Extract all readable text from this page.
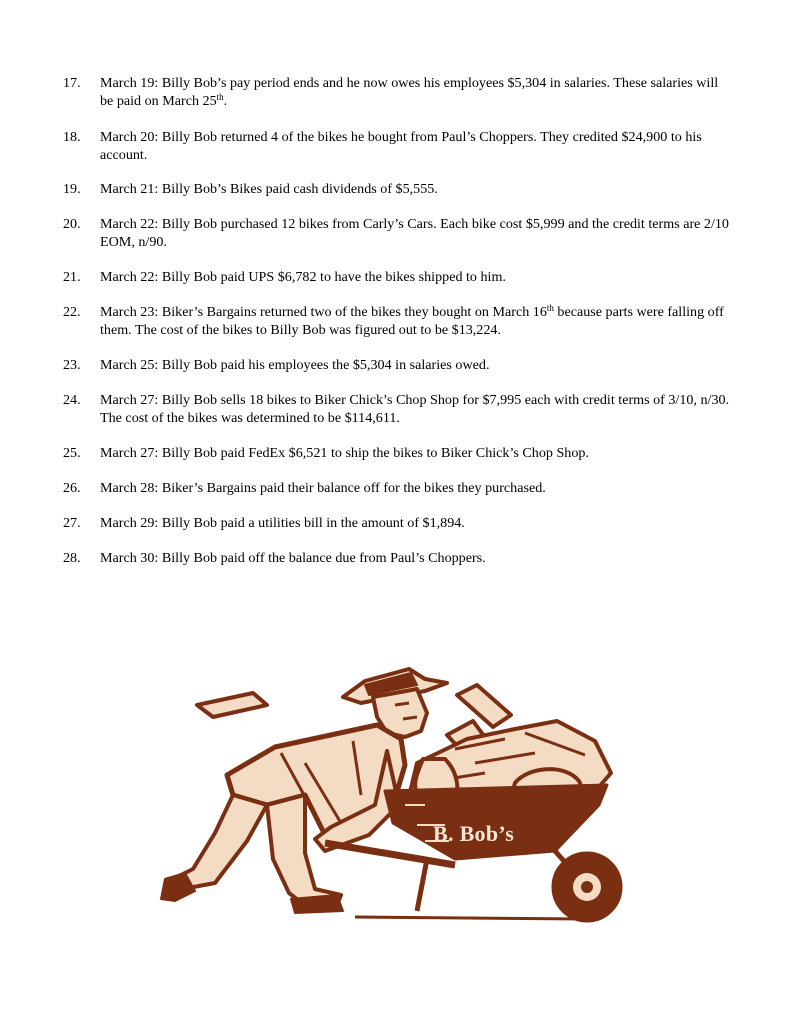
17.	March 19: Billy Bob’s pay period ends and he now owes his employees $5,304 in salaries. These salaries will be paid on March 25th.
18.	March 20: Billy Bob returned 4 of the bikes he bought from Paul’s Choppers. They credited $24,900 to his account.
19.	March 21: Billy Bob’s Bikes paid cash dividends of $5,555.
20.	March 22: Billy Bob purchased 12 bikes from Carly’s Cars. Each bike cost $5,999 and the credit terms are 2/10 EOM, n/90.
21.	March 22: Billy Bob paid UPS $6,782 to have the bikes shipped to him.
22.	March 23: Biker’s Bargains returned two of the bikes they bought on March 16th because parts were falling off them. The cost of the bikes to Billy Bob was figured out to be $13,224.
23.	March 25: Billy Bob paid his employees the $5,304 in salaries owed.
24.	March 27: Billy Bob sells 18 bikes to Biker Chick’s Chop Shop for $7,995 each with credit terms of 3/10, n/30. The cost of the bikes was determined to be $114,611.
25.	March 27: Billy Bob paid FedEx $6,521 to ship the bikes to Biker Chick’s Chop Shop.
26.	March 28: Biker’s Bargains paid their balance off for the bikes they purchased.
27.	March 29: Billy Bob paid a utilities bill in the amount of $1,894.
28.	March 30: Billy Bob paid off the balance due from Paul’s Choppers.
B. Bob’s
